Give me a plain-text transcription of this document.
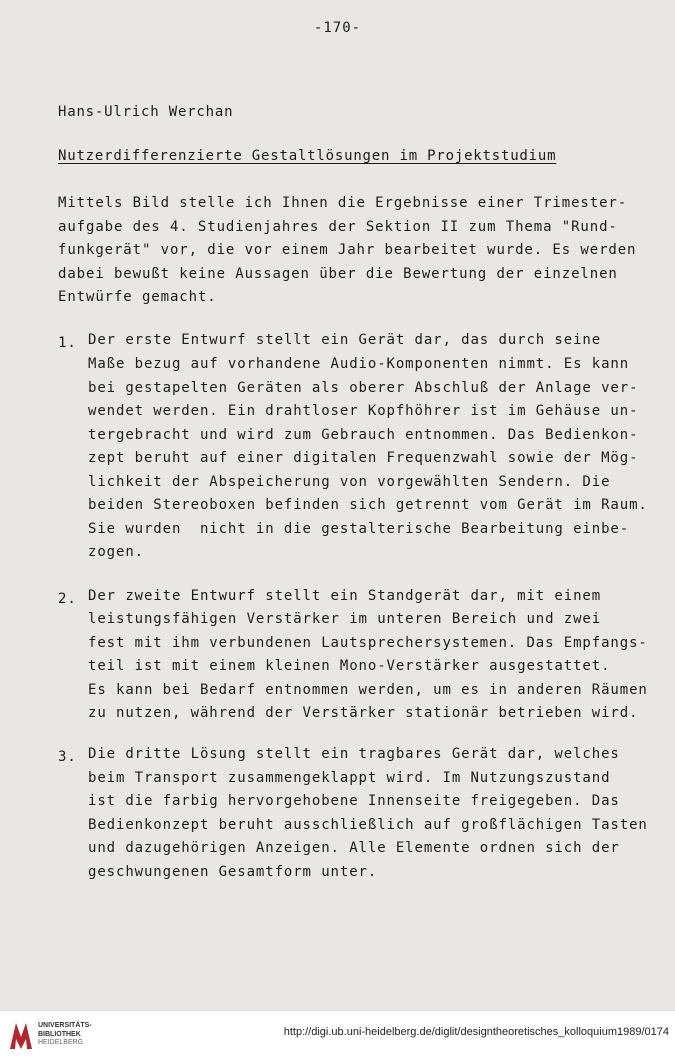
-170-
Hans-Ulrich Werchan
Nutzerdifferenzierte Gestaltlösungen im Projektstudium
Mittels Bild stelle ich Ihnen die Ergebnisse einer Trimester-
aufgabe des 4. Studienjahres der Sektion II zum Thema "Rund-
funkgerät" vor, die vor einem Jahr bearbeitet wurde. Es werden
dabei bewußt keine Aussagen über die Bewertung der einzelnen
Entwürfe gemacht.
1. Der erste Entwurf stellt ein Gerät dar, das durch seine
Maße bezug auf vorhandene Audio-Komponenten nimmt. Es kann
bei gestapelten Geräten als oberer Abschluß der Anlage ver-
wendet werden. Ein drahtloser Kopfhöhrer ist im Gehäuse un-
tergebracht und wird zum Gebrauch entnommen. Das Bedienkon-
zept beruht auf einer digitalen Frequenzwahl sowie der Mög-
lichkeit der Abspeicherung von vorgewählten Sendern. Die
beiden Stereoboxen befinden sich getrennt vom Gerät im Raum.
Sie wurden  nicht in die gestalterische Bearbeitung einbe-
zogen.
2. Der zweite Entwurf stellt ein Standgerät dar, mit einem
leistungsfähigen Verstärker im unteren Bereich und zwei
fest mit ihm verbundenen Lautsprechersystemen. Das Empfangs-
teil ist mit einem kleinen Mono-Verstärker ausgestattet.
Es kann bei Bedarf entnommen werden, um es in anderen Räumen
zu nutzen, während der Verstärker stationär betrieben wird.
3. Die dritte Lösung stellt ein tragbares Gerät dar, welches
beim Transport zusammengeklappt wird. Im Nutzungszustand
ist die farbig hervorgehobene Innenseite freigegeben. Das
Bedienkonzept beruht ausschließlich auf großflächigen Tasten
und dazugehörigen Anzeigen. Alle Elemente ordnen sich der
geschwungenen Gesamtform unter.
UNIVERSITÄTS-
BIBLIOTHEK
HEIDELBERG
http://digi.ub.uni-heidelberg.de/diglit/designtheoretisches_kolloquium1989/0174
